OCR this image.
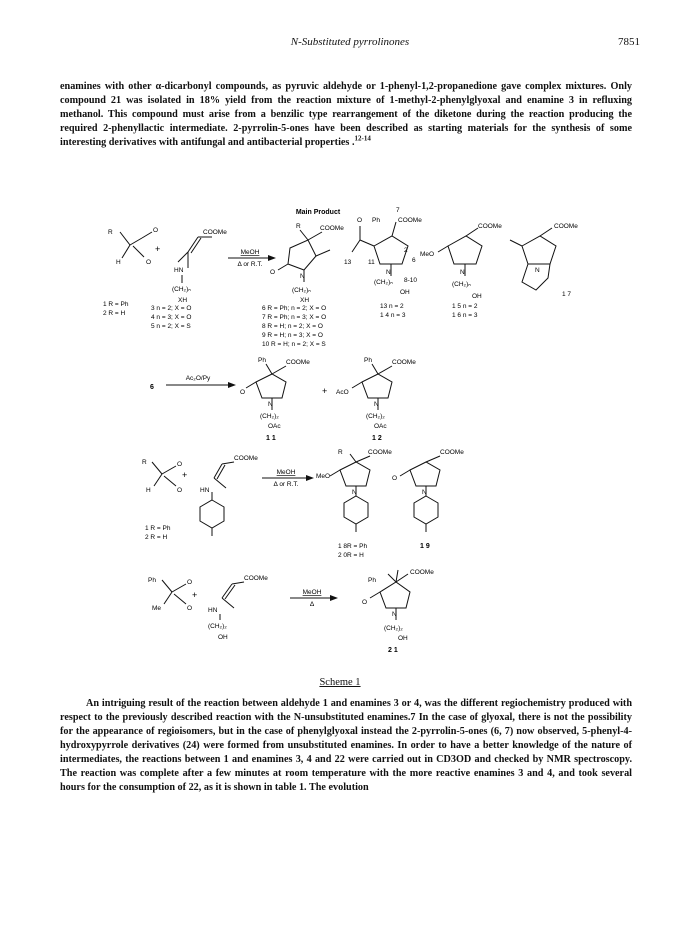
N-Substituted pyrrolinones	7851

enamines with other α-dicarbonyl compounds, as pyruvic aldehyde or 1-phenyl-1,2-propanedione gave complex mixtures. Only compound 21 was isolated in 18% yield from the reaction mixture of 1-methyl-2-phenylglyoxal and enamine 3 in refluxing methanol. This compound must arise from a benzilic type rearrangement of the diketone during the reaction producing the required 2-phenyllactic intermediate. 2-pyrrolin-5-ones have been described as starting materials for the synthesis of some interesting derivatives with antifungal and antibacterial properties .$^{12-14}$

Main Product
R	O
H	O
+
COOMe
HN
(CH₂)ₙ
XH
MeOH
Δ or R.T.
R	COOMe
O
N
(CH₂)ₙ
XH
Ph	COOMe
O
7
2
6
13	11
N
(CH₂)ₙ 8-10
OH
13 n = 2
1 4 n = 3
COOMe
MeO
N
(CH₂)ₙ
OH
1 5 n = 2
1 6 n = 3
COOMe
N
1 7
1 R = Ph
2 R = H
3 n = 2; X = O
4 n = 3; X = O
5 n = 2; X = S
6 R = Ph; n = 2; X = O
7 R = Ph; n = 3; X = O
8 R = H; n = 2; X = O
9 R = H; n = 3; X = O
10 R = H; n = 2; X = S
6
Ac₂O/Py
Ph	COOMe
O
N
(CH₂)₂
OAc
1 1
+
Ph	COOMe
AcO
N
(CH₂)₂
OAc
1 2
R	O
H	O
+
COOMe
HN
MeOH
Δ or R.T.
R	COOMe
MeO
N
COOMe
O
N
1 R = Ph
2 R = H
1 8R = Ph
2 0R = H
1 9
Ph	O
Me	O
+
COOMe
HN
(CH₂)₂
OH
MeOH
Δ
Ph
COOMe
O
N
(CH₂)₂
OH
2 1
Scheme 1

An intriguing result of the reaction between aldehyde 1 and enamines 3 or 4, was the different regiochemistry produced with respect to the previously described reaction with the N-unsubstituted enamines.7 In the case of glyoxal, there is not the possibility for the appearance of regioisomers, but in the case of phenylglyoxal instead the 2-pyrrolin-5-ones (6, 7) now observed, 5-phenyl-4-hydroxypyrrole derivatives (24) were formed from unsubstituted enamines. In order to have a better knowledge of the nature of intermediates, the reactions between 1 and enamines 3, 4 and 22 were carried out in CD3OD and checked by NMR spectroscopy. The reaction was complete after a few minutes at room temperature with the more reactive enamines 3 and 4, and took several hours for the consumption of 22, as it is shown in table 1. The evolution
